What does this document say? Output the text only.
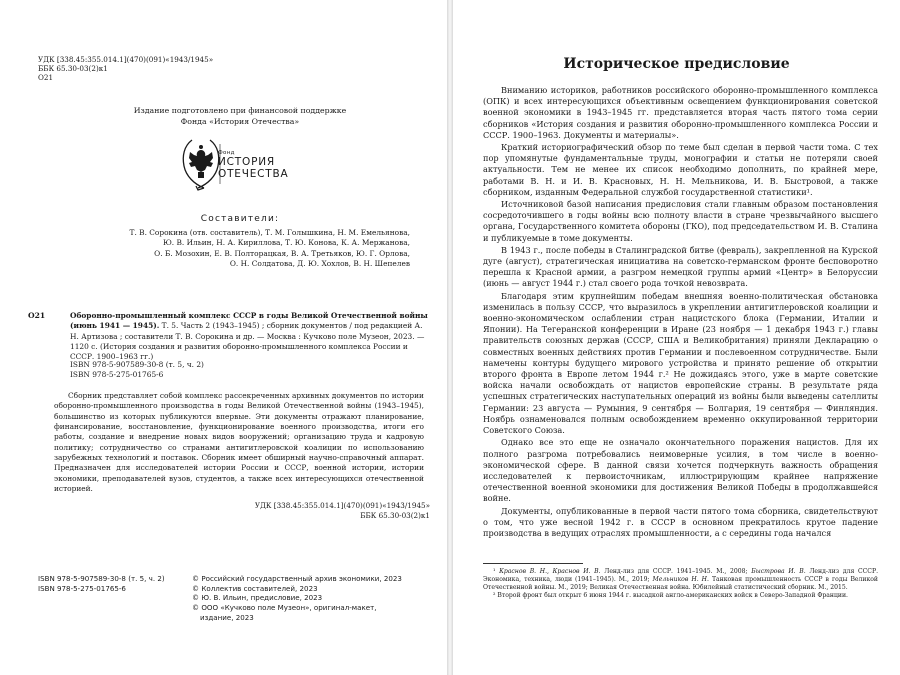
УДК [338.45:355.014.1](470)(091)«1943/1945»
ББК 65.30-03(2)к1
О21
Издание подготовлено при финансовой поддержке
Фонда «История Отечества»
Фонд
ИСТОРИЯ
ОТЕЧЕСТВА
Составители:
Т. В. Сорокина (отв. составитель), Т. М. Голышкина, Н. М. Емельянова,
Ю. В. Ильин, Н. А. Кириллова, Т. Ю. Конова, К. А. Мержанова,
О. Б. Мозохин, Е. В. Полторацкая, В. А. Третьяков, Ю. Г. Орлова,
О. Н. Солдатова, Д. Ю. Хохлов, В. Н. Шепелев
О21	Оборонно-промышленный комплекс СССР в годы Великой Отечественной войны (июнь 1941 — 1945). Т. 5. Часть 2 (1943–1945) ; сборник документов / под редакцией А. Н. Артизова ; составители Т. В. Сорокина и др. — Москва : Кучково поле Музеон, 2023. — 1120 с. (История создания и развития оборонно-промышленного комплекса России и СССР. 1900–1963 гг.)
ISBN 978-5-907589-30-8 (т. 5, ч. 2)
ISBN 978-5-275-01765-6
Сборник представляет собой комплекс рассекреченных архивных документов по истории оборонно-промышленного производства в годы Великой Отечественной войны (1943–1945), большинство из которых публикуются впервые. Эти документы отражают планирование, финансирование, восстановление, функционирование военного производства, итоги его работы, создание и внедрение новых видов вооружений; организацию труда и кадровую политику; сотрудничество со странами антигитлеровской коалиции по использованию зарубежных технологий и поставок. Сборник имеет обширный научно-справочный аппарат. Предназначен для исследователей истории России и СССР, военной истории, истории экономики, преподавателей вузов, студентов, а также всех интересующихся отечественной историей.
УДК [338.45:355.014.1](470)(091)«1943/1945»
ББК 65.30-03(2)к1
ISBN 978-5-907589-30-8 (т. 5, ч. 2)
ISBN 978-5-275-01765-6
© Российский государственный архив экономики, 2023
© Коллектив составителей, 2023
© Ю. В. Ильин, предисловие, 2023
© ООО «Кучково поле Музеон», оригинал-макет,
издание, 2023
Историческое предисловие

Вниманию историков, работников российского оборонно-промышленного комплекса (ОПК) и всех интересующихся объективным освещением функционирования советской военной экономики в 1943–1945 гг. представляется вторая часть пятого тома серии сборников «История создания и развития оборонно-промышленного комплекса России и СССР. 1900–1963. Документы и материалы».

Краткий историографический обзор по теме был сделан в первой части тома. С тех пор упомянутые фундаментальные труды, монографии и статьи не потеряли своей актуальности. Тем не менее их список необходимо дополнить, по крайней мере, работами В. Н. и И. В. Красновых, Н. Н. Мельникова, И. В. Быстровой, а также сборником, изданным Федеральной службой государственной статистики¹.

Источниковой базой написания предисловия стали главным образом постановления сосредоточившего в годы войны всю полноту власти в стране чрезвычайного высшего органа, Государственного комитета обороны (ГКО), под председательством И. В. Сталина и публикуемые в томе документы.

В 1943 г., после победы в Сталинградской битве (февраль), закрепленной на Курской дуге (август), стратегическая инициатива на советско-германском фронте бесповоротно перешла к Красной армии, а разгром немецкой группы армий «Центр» в Белоруссии (июнь — август 1944 г.) стал своего рода точкой невозврата.

Благодаря этим крупнейшим победам внешняя военно-политическая обстановка изменилась в пользу СССР, что выразилось в укреплении антигитлеровской коалиции и военно-экономическом ослаблении стран нацистского блока (Германии, Италии и Японии). На Тегеранской конференции в Иране (23 ноября — 1 декабря 1943 г.) главы правительств союзных держав (СССР, США и Великобритания) приняли Декларацию о совместных военных действиях против Германии и послевоенном сотрудничестве. Были намечены контуры будущего мирового устройства и принято решение об открытии второго фронта в Европе летом 1944 г.² Не дожидаясь этого, уже в марте советские войска начали освобождать от нацистов европейские страны. В результате ряда успешных стратегических наступательных операций из войны были выведены сателлиты Германии: 23 августа — Румыния, 9 сентября — Болгария, 19 сентября — Финляндия. Ноябрь ознаменовался полным освобождением временно оккупированной территории Советского Союза.

Однако все это еще не означало окончательного поражения нацистов. Для их полного разгрома потребовались неимоверные усилия, в том числе в военно-экономической сфере. В данной связи хочется подчеркнуть важность обращения исследователей к первоисточникам, иллюстрирующим крайнее напряжение отечественной военной экономики для достижения Великой Победы в продолжавшейся войне.

Документы, опубликованные в первой части пятого тома сборника, свидетельствуют о том, что уже весной 1942 г. в СССР в основном прекратилось крутое падение производства в ведущих отраслях промышленности, а с середины года начался

¹ Краснов В. Н., Краснов И. В. Ленд-лиз для СССР. 1941–1945. М., 2008; Быстрова И. В. Ленд-лиз для СССР. Экономика, техника, люди (1941–1945). М., 2019; Мельников Н. Н. Танковая промышленность СССР в годы Великой Отечественной войны. М., 2019; Великая Отечественная война. Юбилейный статистический сборник. М., 2015.

² Второй фронт был открыт 6 июня 1944 г. высадкой англо-американских войск в Северо-Западной Франции.
